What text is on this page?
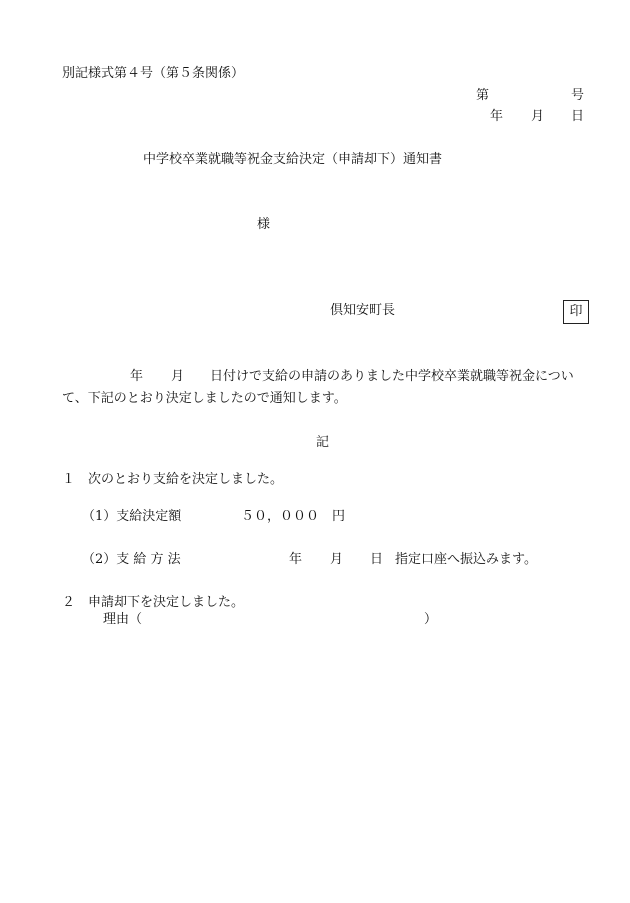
別記様式第４号（第５条関係）
第	号
年 月 日
中学校卒業就職等祝金支給決定（申請却下）通知書
様
倶知安町長	印
年 月 日付けで支給の申請のありました中学校卒業就職等祝金につい
て、下記のとおり決定しましたので通知します。
記
１　次のとおり支給を決定しました。
（1）支給決定額	５０，０００　円
（2）支 給 方 法	年 月 日 指定口座へ振込みます。
２　申請却下を決定しました。
理由（	）
